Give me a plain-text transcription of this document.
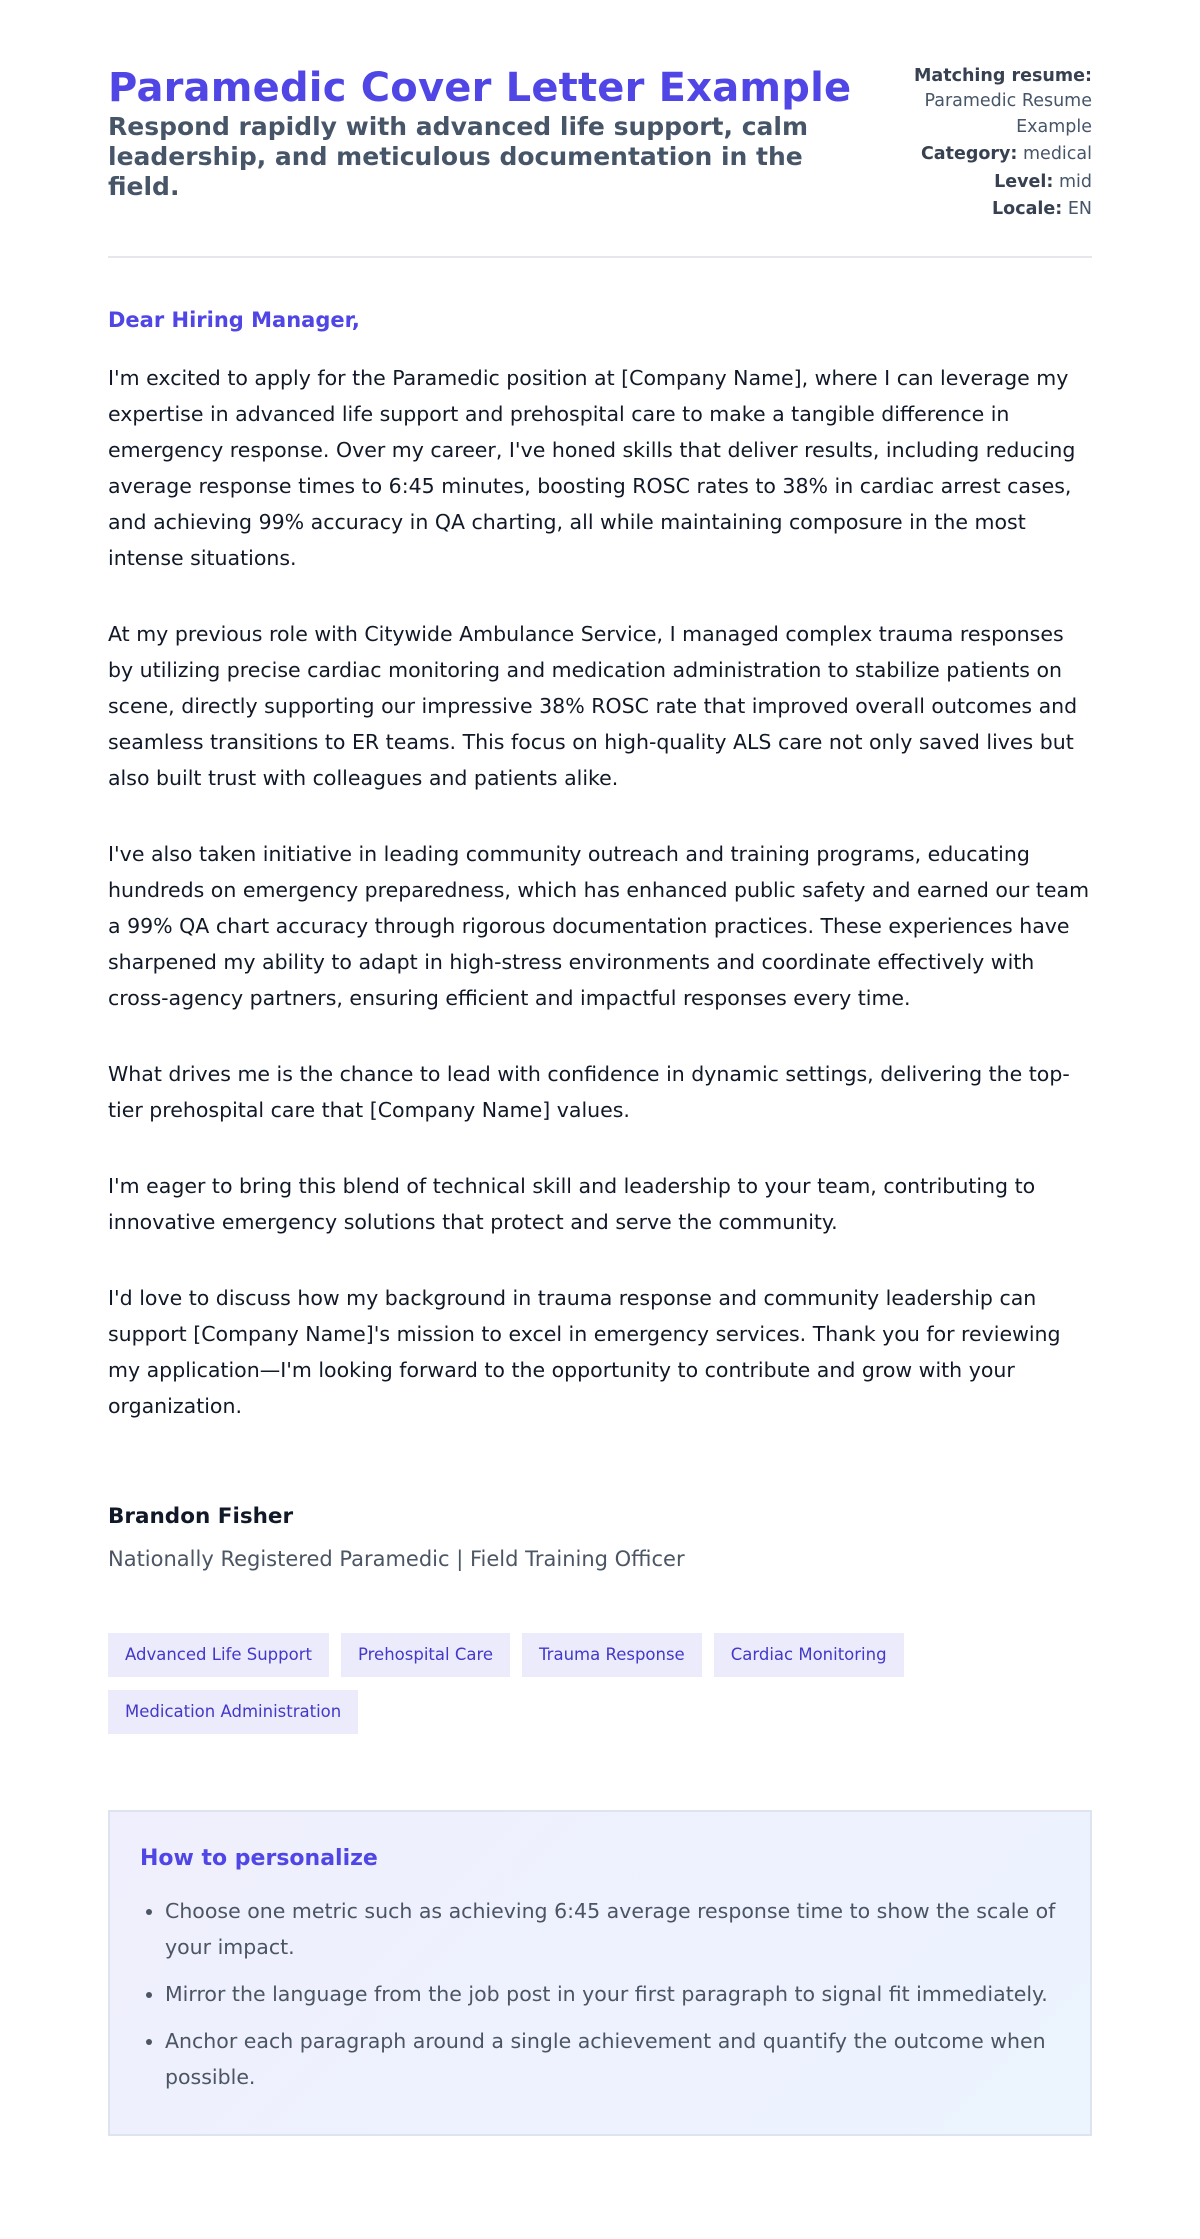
Paramedic Cover Letter Example

Respond rapidly with advanced life support, calm leadership, and meticulous documentation in the field.

Matching resume:
Paramedic Resume Example
Category: medical
Level: mid
Locale: EN

Dear Hiring Manager,

I'm excited to apply for the Paramedic position at [Company Name], where I can leverage my expertise in advanced life support and prehospital care to make a tangible difference in emergency response. Over my career, I've honed skills that deliver results, including reducing average response times to 6:45 minutes, boosting ROSC rates to 38% in cardiac arrest cases, and achieving 99% accuracy in QA charting, all while maintaining composure in the most intense situations.

At my previous role with Citywide Ambulance Service, I managed complex trauma responses by utilizing precise cardiac monitoring and medication administration to stabilize patients on scene, directly supporting our impressive 38% ROSC rate that improved overall outcomes and seamless transitions to ER teams. This focus on high-quality ALS care not only saved lives but also built trust with colleagues and patients alike.

I've also taken initiative in leading community outreach and training programs, educating hundreds on emergency preparedness, which has enhanced public safety and earned our team a 99% QA chart accuracy through rigorous documentation practices. These experiences have sharpened my ability to adapt in high-stress environments and coordinate effectively with cross-agency partners, ensuring efficient and impactful responses every time.

What drives me is the chance to lead with confidence in dynamic settings, delivering the top-tier prehospital care that [Company Name] values.

I'm eager to bring this blend of technical skill and leadership to your team, contributing to innovative emergency solutions that protect and serve the community.

I'd love to discuss how my background in trauma response and community leadership can support [Company Name]'s mission to excel in emergency services. Thank you for reviewing my application—I'm looking forward to the opportunity to contribute and grow with your organization.

Brandon Fisher

Nationally Registered Paramedic | Field Training Officer

Advanced Life Support	Prehospital Care	Trauma Response	Cardiac Monitoring
Medication Administration
How to personalize
• Choose one metric such as achieving 6:45 average response time to show the scale of your impact.
• Mirror the language from the job post in your first paragraph to signal fit immediately.
• Anchor each paragraph around a single achievement and quantify the outcome when possible.
